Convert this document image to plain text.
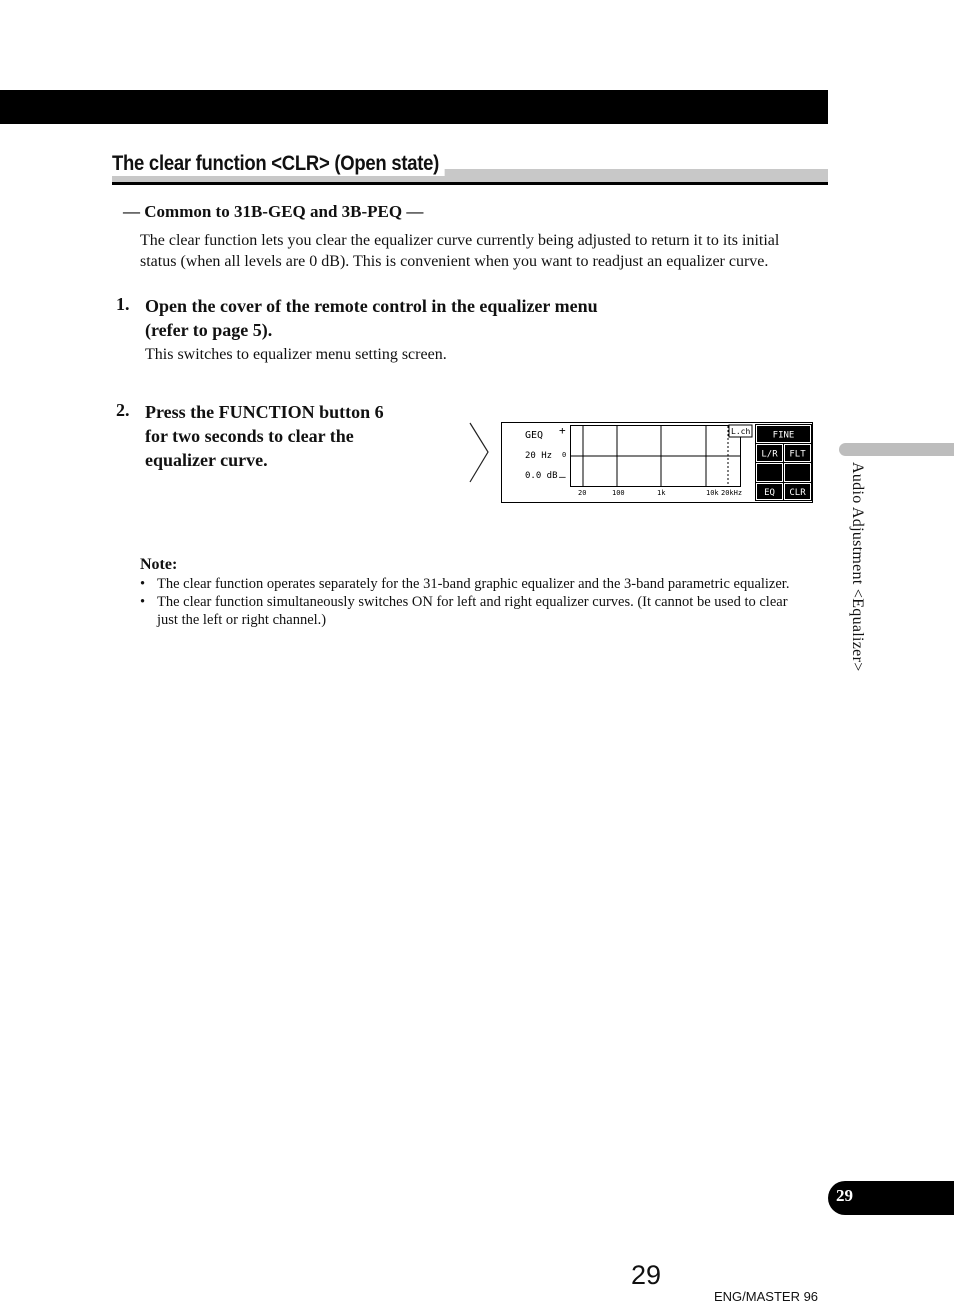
The clear function <CLR> (Open state)
— Common to 31B-GEQ and 3B-PEQ —
The clear function lets you clear the equalizer curve currently being adjusted to return it to its initial status (when all levels are 0 dB). This is convenient when you want to readjust an equalizer curve.
1. Open the cover of the remote control in the equalizer menu
(refer to page 5).
This switches to equalizer menu setting screen.
2. Press the FUNCTION button 6
for two seconds to clear the
equalizer curve.
GEQ
20 Hz
0.0 dB
+
0
–
L.ch
20	100	1k	10k 20kHz
FINE
L/R FLT
EQ CLR
Note:
• The clear function operates separately for the 31-band graphic equalizer and the 3-band parametric equalizer.
• The clear function simultaneously switches ON for left and right equalizer curves. (It cannot be used to clear just the left or right channel.)	Audio Adjustment <Equalizer>
29
29
ENG/MASTER 96
